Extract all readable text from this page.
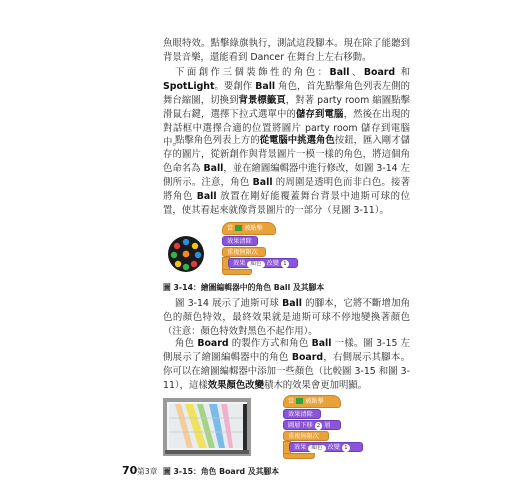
魚眼特效。點擊綠旗執行，測試這段腳本。現在除了能聽到背景音樂，還能看到 Dancer 在舞台上左右移動。

下面創作三個裝飾性的角色：Ball、Board 和 SpotLight。要創作 Ball 角色，首先點擊角色列表左側的舞台縮圖，切換到背景標籤頁，對著 party room 縮圖點擊滑鼠右鍵，選擇下拉式選單中的儲存到電腦，然後在出現的對話框中選擇合適的位置將圖片 party room 儲存到電腦中。

點擊角色列表上方的從電腦中挑選角色按鈕，匯入剛才儲存的圖片，從新創作與背景圖片一模一樣的角色，將這個角色命名為 Ball，並在繪圖編輯器中進行修改，如圖 3-14 左側所示。注意，角色 Ball 的周圍是透明色而非白色。接著將角色 Ball 放置在剛好能覆蓋舞台背景中迪斯可球的位置，使其看起來就像背景圖片的一部分（見圖 3-11）。

當 被點擊
效果清除
重複無限次
效果 顏色 改變 1
圖 3-14：繪圖編輯器中的角色 Ball 及其腳本

圖 3-14 展示了迪斯可球 Ball 的腳本，它將不斷增加角色的顏色特效，最終效果就是迪斯可球不停地變換著顏色（注意：顏色特效對黑色不起作用）。

角色 Board 的製作方式和角色 Ball 一樣。圖 3-15 左側展示了繪圖編輯器中的角色 Board，右側展示其腳本。你可以在繪圖編輯器中添加一些顏色（比較圖 3-15 和圖 3-11），這樣效果顏色改變積木的效果會更加明顯。

當 被點擊
效果清除
圖層下移 2 層
重複無限次
效果 顏色 改變 1
圖 3-15：角色 Board 及其腳本
70 第3章
